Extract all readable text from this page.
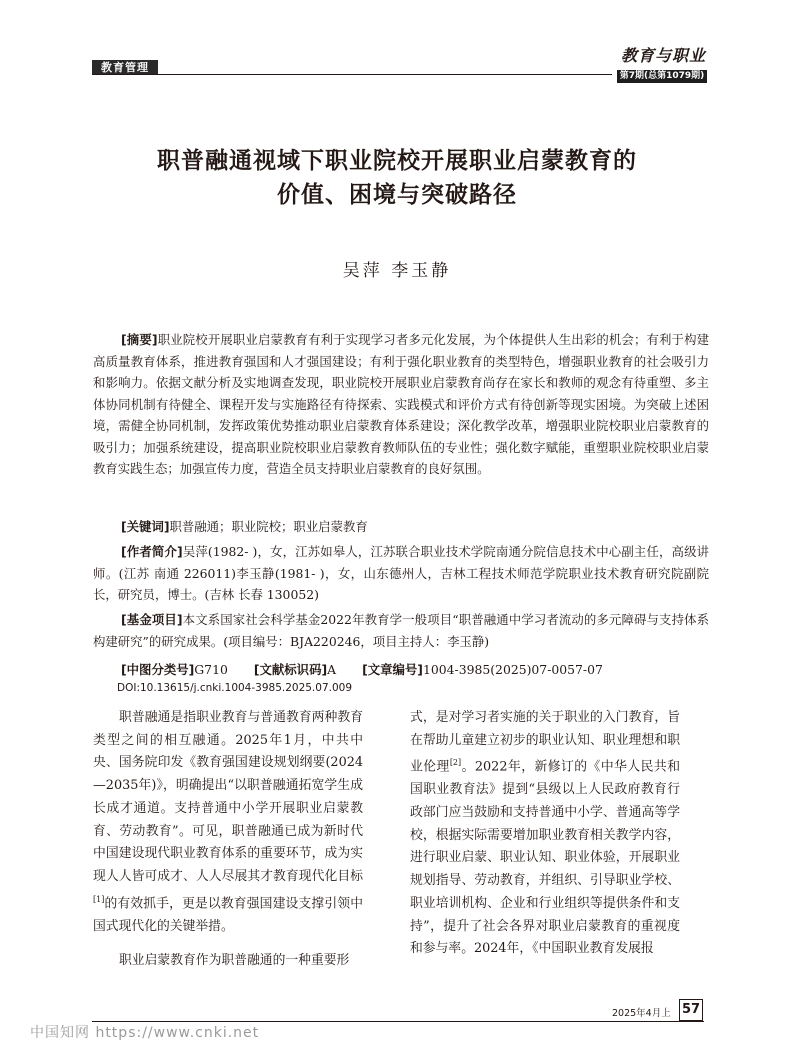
教育管理
教育与职业
第7期(总第1079期)
职普融通视域下职业院校开展职业启蒙教育的
价值、困境与突破路径
吴萍 李玉静
[摘要]职业院校开展职业启蒙教育有利于实现学习者多元化发展，为个体提供人生出彩的机会；有利于构建高质量教育体系，推进教育强国和人才强国建设；有利于强化职业教育的类型特色，增强职业教育的社会吸引力和影响力。依据文献分析及实地调查发现，职业院校开展职业启蒙教育尚存在家长和教师的观念有待重塑、多主体协同机制有待健全、课程开发与实施路径有待探索、实践模式和评价方式有待创新等现实困境。为突破上述困境，需健全协同机制，发挥政策优势推动职业启蒙教育体系建设；深化教学改革，增强职业院校职业启蒙教育的吸引力；加强系统建设，提高职业院校职业启蒙教育教师队伍的专业性；强化数字赋能，重塑职业院校职业启蒙教育实践生态；加强宣传力度，营造全员支持职业启蒙教育的良好氛围。
[关键词]职普融通；职业院校；职业启蒙教育
[作者简介]吴萍(1982- )，女，江苏如皋人，江苏联合职业技术学院南通分院信息技术中心副主任，高级讲师。(江苏 南通 226011)李玉静(1981- )，女，山东德州人，吉林工程技术师范学院职业技术教育研究院副院长，研究员，博士。(吉林 长春 130052)
[基金项目]本文系国家社会科学基金2022年教育学一般项目“职普融通中学习者流动的多元障碍与支持体系构建研究”的研究成果。(项目编号：BJA220246，项目主持人：李玉静)
[中图分类号]G710 [文献标识码]A [文章编号]1004-3985(2025)07-0057-07
DOI:10.13615/j.cnki.1004-3985.2025.07.009

职普融通是指职业教育与普通教育两种教育类型之间的相互融通。2025年1月，中共中央、国务院印发《教育强国建设规划纲要(2024—2035年)》，明确提出“以职普融通拓宽学生成长成才通道。支持普通中小学开展职业启蒙教育、劳动教育”。可见，职普融通已成为新时代中国建设现代职业教育体系的重要环节，成为实现人人皆可成才、人人尽展其才教育现代化目标[1]的有效抓手，更是以教育强国建设支撑引领中国式现代化的关键举措。

职业启蒙教育作为职普融通的一种重要形

式，是对学习者实施的关于职业的入门教育，旨在帮助儿童建立初步的职业认知、职业理想和职业伦理[2]。2022年，新修订的《中华人民共和国职业教育法》提到“县级以上人民政府教育行政部门应当鼓励和支持普通中小学、普通高等学校，根据实际需要增加职业教育相关教学内容，进行职业启蒙、职业认知、职业体验，开展职业规划指导、劳动教育，并组织、引导职业学校、职业培训机构、企业和行业组织等提供条件和支持”，提升了社会各界对职业启蒙教育的重视度和参与率。2024年，《中国职业教育发展报

2025年4月上 57
中国知网 https://www.cnki.net
